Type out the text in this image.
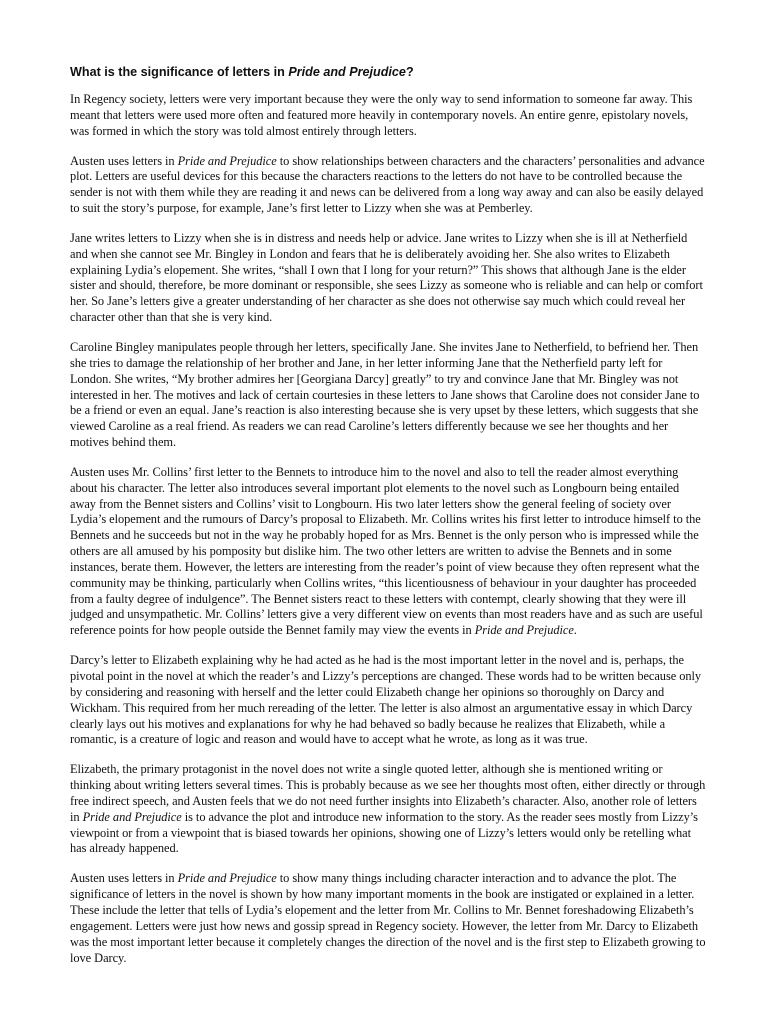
What is the significance of letters in Pride and Prejudice?

In Regency society, letters were very important because they were the only way to send information to someone far away. This meant that letters were used more often and featured more heavily in contemporary novels. An entire genre, epistolary novels, was formed in which the story was told almost entirely through letters.

Austen uses letters in Pride and Prejudice to show relationships between characters and the characters’ personalities and advance plot. Letters are useful devices for this because the characters reactions to the letters do not have to be controlled because the sender is not with them while they are reading it and news can be delivered from a long way away and can also be easily delayed to suit the story’s purpose, for example, Jane’s first letter to Lizzy when she was at Pemberley.

Jane writes letters to Lizzy when she is in distress and needs help or advice. Jane writes to Lizzy when she is ill at Netherfield and when she cannot see Mr. Bingley in London and fears that he is deliberately avoiding her. She also writes to Elizabeth explaining Lydia’s elopement. She writes, “shall I own that I long for your return?” This shows that although Jane is the elder sister and should, therefore, be more dominant or responsible, she sees Lizzy as someone who is reliable and can help or comfort her. So Jane’s letters give a greater understanding of her character as she does not otherwise say much which could reveal her character other than that she is very kind.

Caroline Bingley manipulates people through her letters, specifically Jane. She invites Jane to Netherfield, to befriend her. Then she tries to damage the relationship of her brother and Jane, in her letter informing Jane that the Netherfield party left for London. She writes, “My brother admires her [Georgiana Darcy] greatly” to try and convince Jane that Mr. Bingley was not interested in her. The motives and lack of certain courtesies in these letters to Jane shows that Caroline does not consider Jane to be a friend or even an equal. Jane’s reaction is also interesting because she is very upset by these letters, which suggests that she viewed Caroline as a real friend. As readers we can read Caroline’s letters differently because we see her thoughts and her motives behind them.

Austen uses Mr. Collins’ first letter to the Bennets to introduce him to the novel and also to tell the reader almost everything about his character. The letter also introduces several important plot elements to the novel such as Longbourn being entailed away from the Bennet sisters and Collins’ visit to Longbourn. His two later letters show the general feeling of society over Lydia’s elopement and the rumours of Darcy’s proposal to Elizabeth. Mr. Collins writes his first letter to introduce himself to the Bennets and he succeeds but not in the way he probably hoped for as Mrs. Bennet is the only person who is impressed while the others are all amused by his pomposity but dislike him. The two other letters are written to advise the Bennets and in some instances, berate them. However, the letters are interesting from the reader’s point of view because they often represent what the community may be thinking, particularly when Collins writes, “this licentiousness of behaviour in your daughter has proceeded from a faulty degree of indulgence”. The Bennet sisters react to these letters with contempt, clearly showing that they were ill judged and unsympathetic. Mr. Collins’ letters give a very different view on events than most readers have and as such are useful reference points for how people outside the Bennet family may view the events in Pride and Prejudice.

Darcy’s letter to Elizabeth explaining why he had acted as he had is the most important letter in the novel and is, perhaps, the pivotal point in the novel at which the reader’s and Lizzy’s perceptions are changed. These words had to be written because only by considering and reasoning with herself and the letter could Elizabeth change her opinions so thoroughly on Darcy and Wickham. This required from her much rereading of the letter. The letter is also almost an argumentative essay in which Darcy clearly lays out his motives and explanations for why he had behaved so badly because he realizes that Elizabeth, while a romantic, is a creature of logic and reason and would have to accept what he wrote, as long as it was true.

Elizabeth, the primary protagonist in the novel does not write a single quoted letter, although she is mentioned writing or thinking about writing letters several times. This is probably because as we see her thoughts most often, either directly or through free indirect speech, and Austen feels that we do not need further insights into Elizabeth’s character. Also, another role of letters in Pride and Prejudice is to advance the plot and introduce new information to the story. As the reader sees mostly from Lizzy’s viewpoint or from a viewpoint that is biased towards her opinions, showing one of Lizzy’s letters would only be retelling what has already happened.

Austen uses letters in Pride and Prejudice to show many things including character interaction and to advance the plot. The significance of letters in the novel is shown by how many important moments in the book are instigated or explained in a letter. These include the letter that tells of Lydia’s elopement and the letter from Mr. Collins to Mr. Bennet foreshadowing Elizabeth’s engagement. Letters were just how news and gossip spread in Regency society. However, the letter from Mr. Darcy to Elizabeth was the most important letter because it completely changes the direction of the novel and is the first step to Elizabeth growing to love Darcy.
